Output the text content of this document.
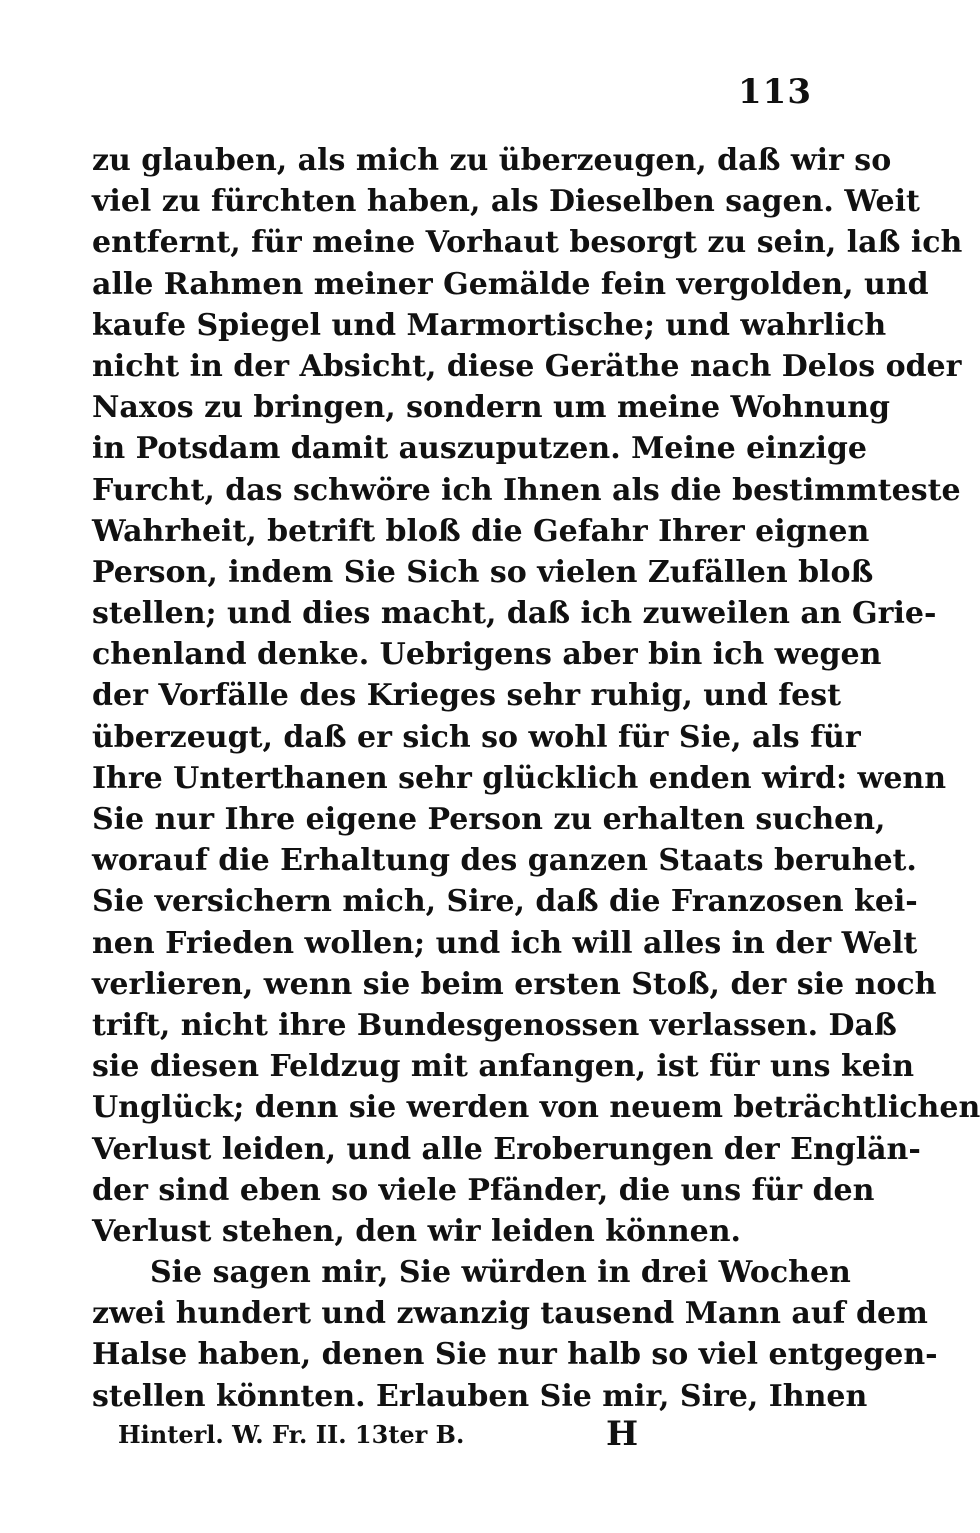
113
zu glauben, als mich zu überzeugen, daß wir so
viel zu fürchten haben, als Dieselben sagen. Weit
entfernt, für meine Vorhaut besorgt zu sein, laß ich
alle Rahmen meiner Gemälde fein vergolden, und
kaufe Spiegel und Marmortische; und wahrlich
nicht in der Absicht, diese Geräthe nach Delos oder
Naxos zu bringen, sondern um meine Wohnung
in Potsdam damit auszuputzen. Meine einzige
Furcht, das schwöre ich Ihnen als die bestimmteste
Wahrheit, betrift bloß die Gefahr Ihrer eignen
Person, indem Sie Sich so vielen Zufällen bloß
stellen; und dies macht, daß ich zuweilen an Grie-
chenland denke. Uebrigens aber bin ich wegen
der Vorfälle des Krieges sehr ruhig, und fest
überzeugt, daß er sich so wohl für Sie, als für
Ihre Unterthanen sehr glücklich enden wird: wenn
Sie nur Ihre eigene Person zu erhalten suchen,
worauf die Erhaltung des ganzen Staats beruhet.
Sie versichern mich, Sire, daß die Franzosen kei-
nen Frieden wollen; und ich will alles in der Welt
verlieren, wenn sie beim ersten Stoß, der sie noch
trift, nicht ihre Bundesgenossen verlassen. Daß
sie diesen Feldzug mit anfangen, ist für uns kein
Unglück; denn sie werden von neuem beträchtlichen
Verlust leiden, und alle Eroberungen der Englän-
der sind eben so viele Pfänder, die uns für den
Verlust stehen, den wir leiden können.
Sie sagen mir, Sie würden in drei Wochen
zwei hundert und zwanzig tausend Mann auf dem
Halse haben, denen Sie nur halb so viel entgegen-
stellen könnten. Erlauben Sie mir, Sire, Ihnen
Hinterl. W. Fr. II. 13ter B.	H
